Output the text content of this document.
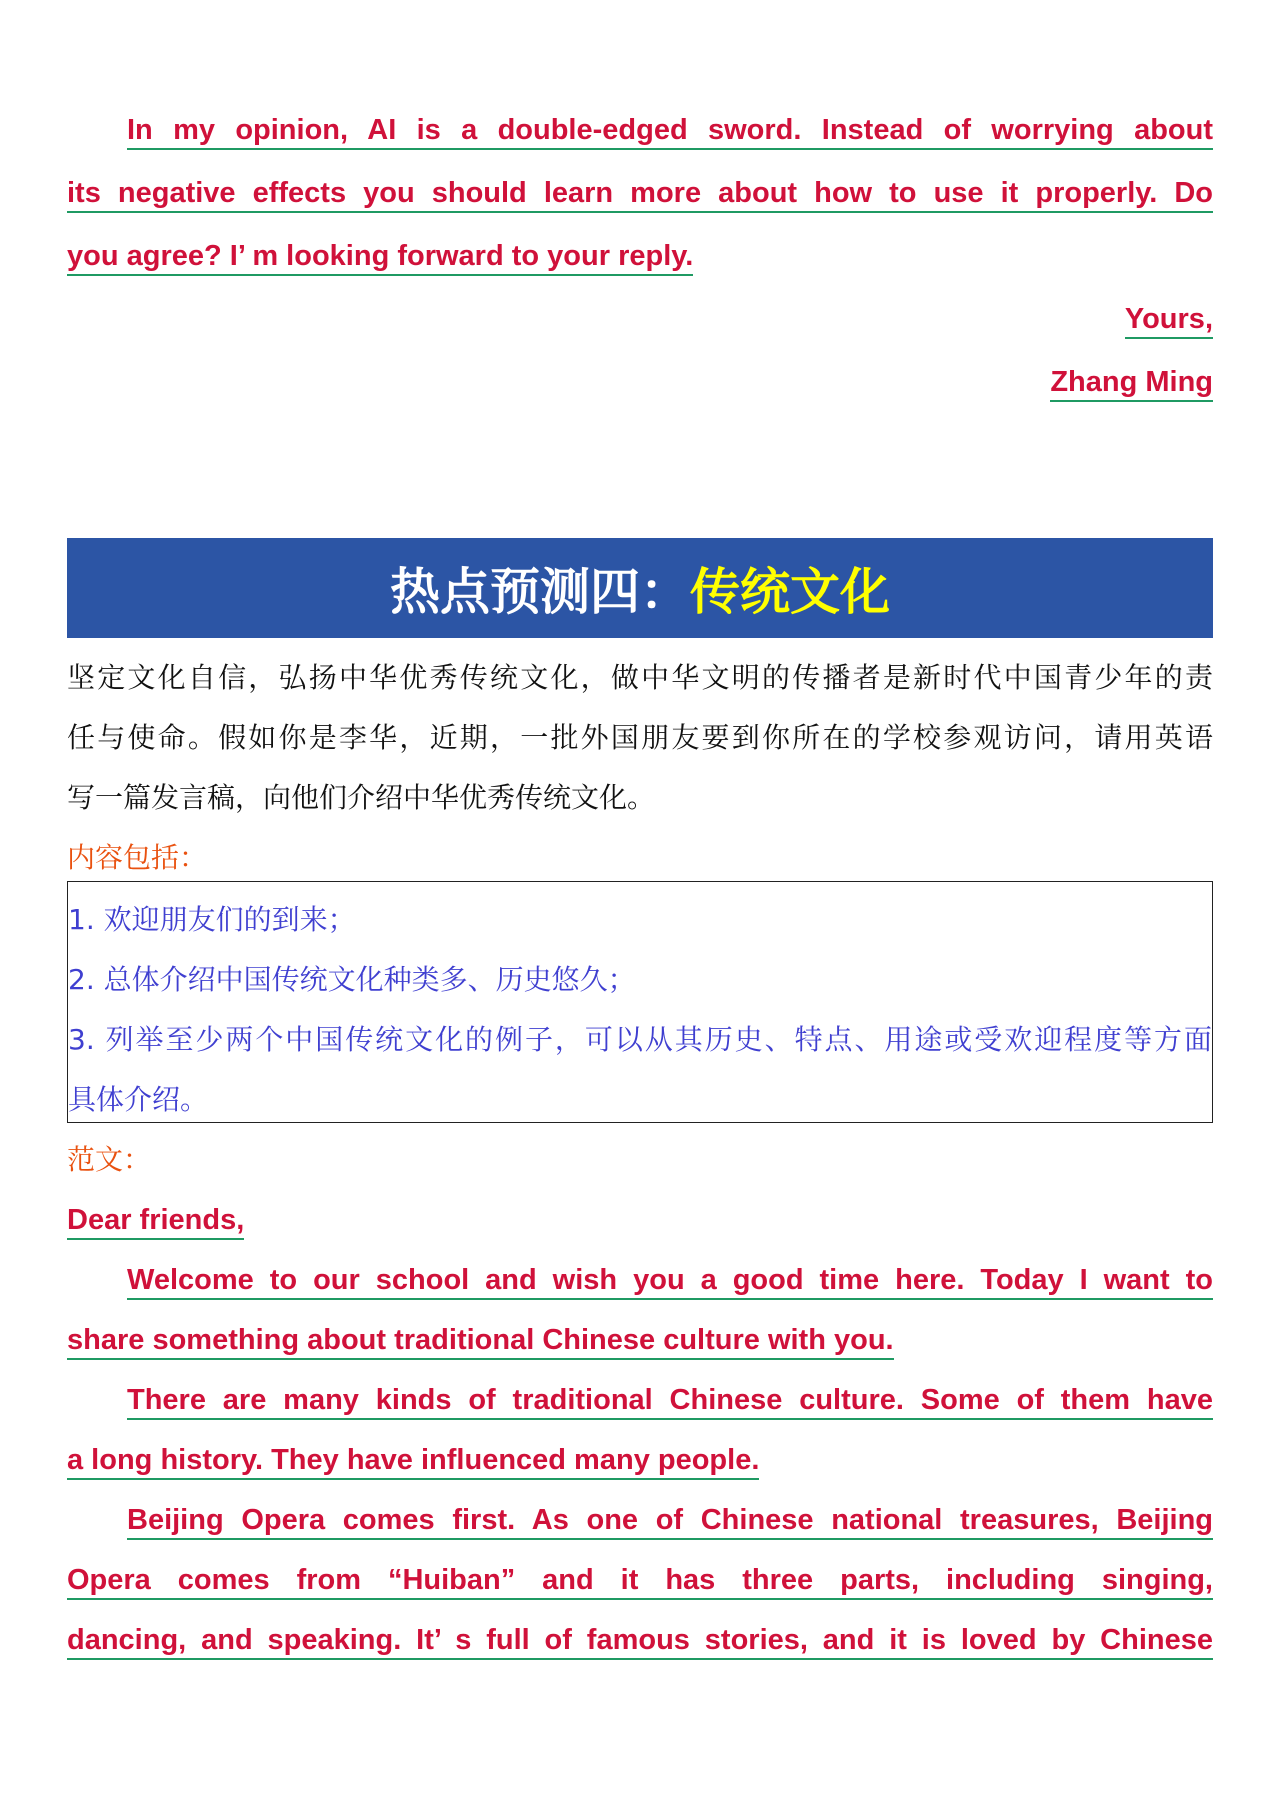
In my opinion, AI is a double-edged sword. Instead of worrying about
its negative effects you should learn more about how to use it properly. Do
you agree? I’ m looking forward to your reply.
Yours,
Zhang Ming
热点预测四： 传统文化
坚定文化自信，弘扬中华优秀传统文化，做中华文明的传播者是新时代中国青少年的责
任与使命。假如你是李华，近期，一批外国朋友要到你所在的学校参观访问，请用英语
写一篇发言稿，向他们介绍中华优秀传统文化。
内容包括：
1. 欢迎朋友们的到来；
2. 总体介绍中国传统文化种类多、历史悠久；
3. 列举至少两个中国传统文化的例子，可以从其历史、特点、用途或受欢迎程度等方面
具体介绍。
范文：
Dear friends,
Welcome to our school and wish you a good time here. Today I want to
share something about traditional Chinese culture with you.
There are many kinds of traditional Chinese culture. Some of them have
a long history. They have influenced many people.
Beijing Opera comes first. As one of Chinese national treasures, Beijing
Opera comes from “Huiban” and it has three parts, including singing,
dancing, and speaking. It’ s full of famous stories, and it is loved by Chinese
